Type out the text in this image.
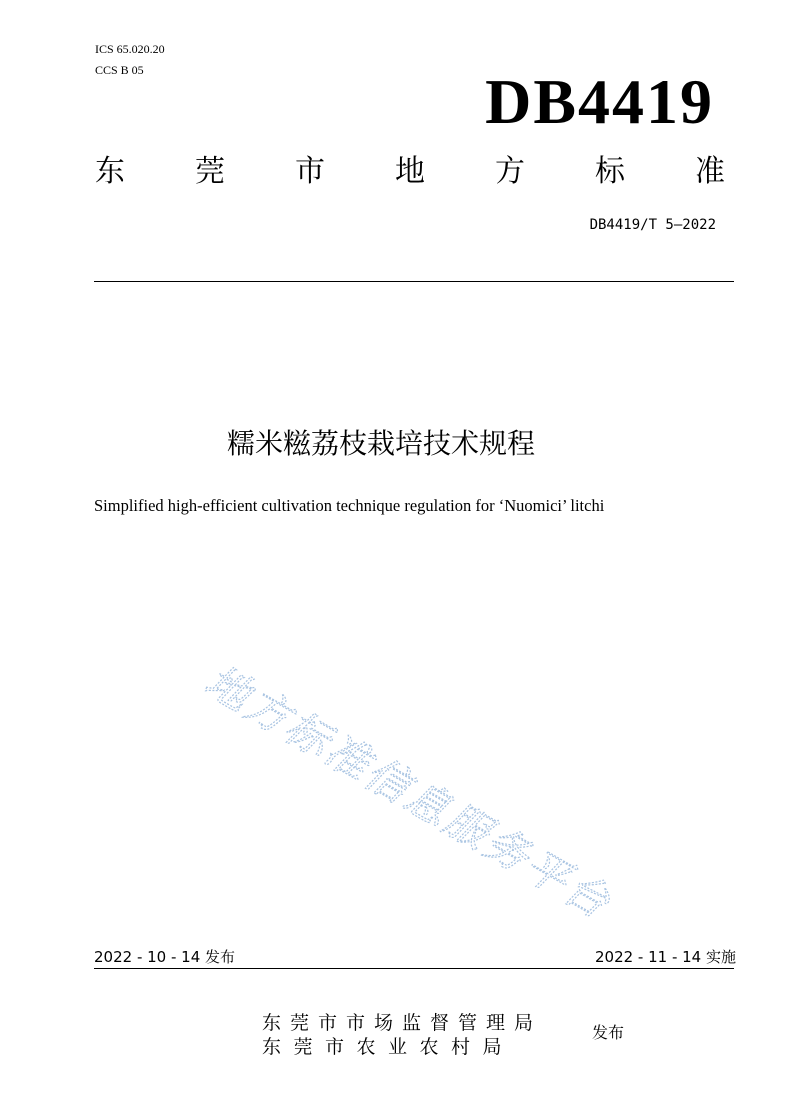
ICS 65.020.20
CCS B 05	DB4419
东 莞 市 地 方 标 准
DB4419/T 5—2022
糯米糍荔枝栽培技术规程
Simplified high-efficient cultivation technique regulation for ‘Nuomici’ litchi
地方标准信息服务平台
2022 - 10 - 14 发布	2022 - 11 - 14 实施
东莞市市场监督管理局
东莞市农业农村局
发布
